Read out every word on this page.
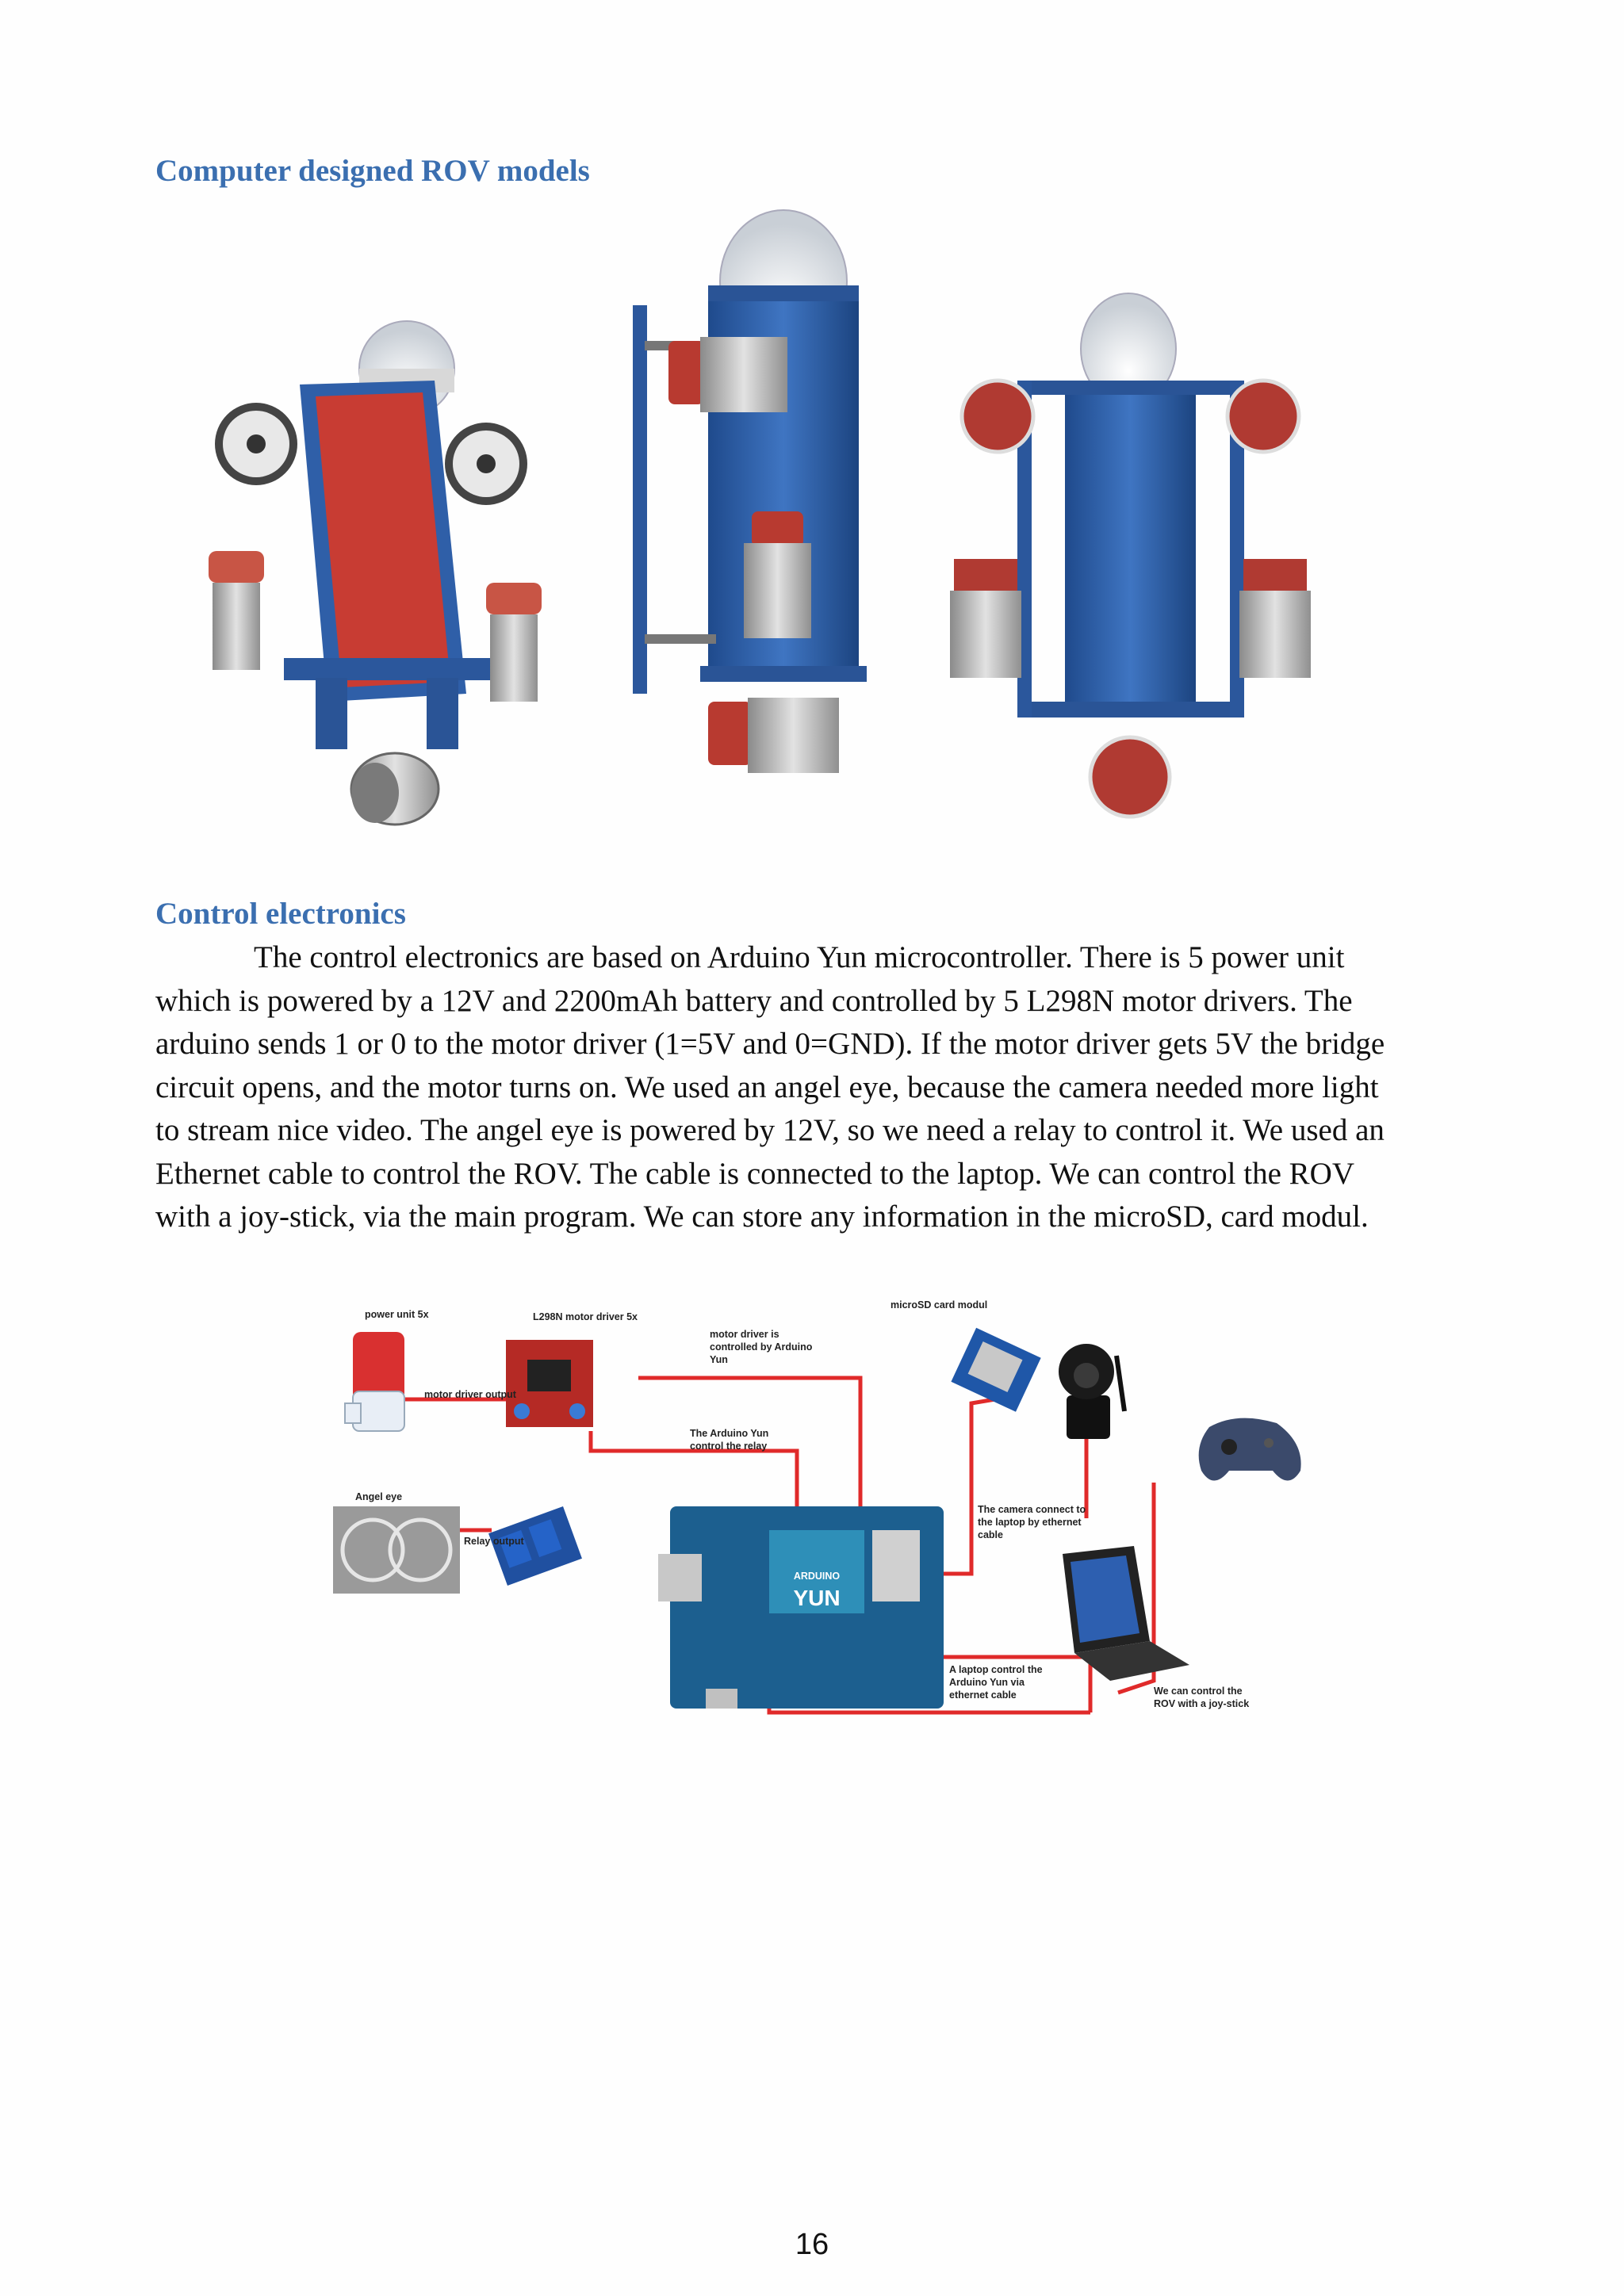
Computer designed ROV models
Control electronics

The control electronics are based on Arduino Yun microcontroller. There is 5 power unit
which is powered by a 12V and 2200mAh battery and controlled by 5 L298N motor drivers. The
arduino sends 1 or 0 to the motor driver (1=5V and 0=GND). If the motor driver gets 5V the bridge
circuit opens, and the motor turns on. We used an angel eye, because the camera needed more light
to stream nice video. The angel eye is powered by 12V, so we need a relay to control it. We used an
Ethernet cable to control the ROV. The cable is connected to the laptop. We can control the ROV
with a joy-stick, via the main program. We can store any information in the microSD, card modul.

ARDUINO
YUN
power unit 5x	L298N motor driver 5x
motor driver output
motor driver is
controlled by Arduino
Yun
The Arduino Yun
control the relay
microSD card modul
Angel eye
Relay output
The camera connect to
the laptop by ethernet
cable
A laptop control the
Arduino Yun via
ethernet cable	We can control the
ROV with a joy-stick
16
